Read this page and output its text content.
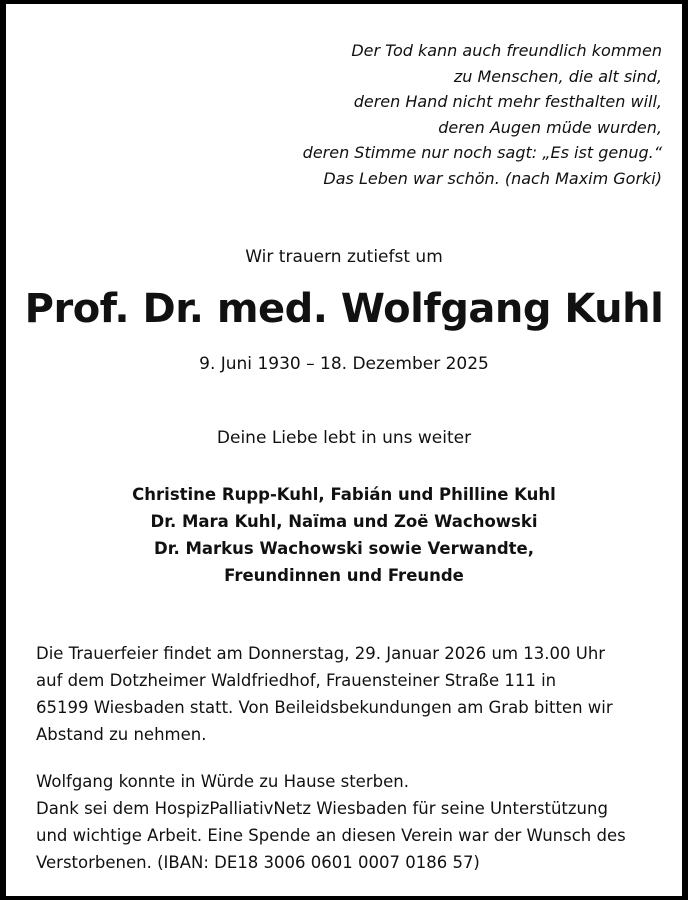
Der Tod kann auch freundlich kommen
zu Menschen, die alt sind,
deren Hand nicht mehr festhalten will,
deren Augen müde wurden,
deren Stimme nur noch sagt: „Es ist genug.“
Das Leben war schön. (nach Maxim Gorki)
Wir trauern zutiefst um
Prof. Dr. med. Wolfgang Kuhl
9. Juni 1930 – 18. Dezember 2025
Deine Liebe lebt in uns weiter
Christine Rupp-Kuhl, Fabián und Philline Kuhl
Dr. Mara Kuhl, Naïma und Zoë Wachowski
Dr. Markus Wachowski sowie Verwandte,
Freundinnen und Freunde
Die Trauerfeier findet am Donnerstag, 29. Januar 2026 um 13.00 Uhr
auf dem Dotzheimer Waldfriedhof, Frauensteiner Straße 111 in
65199 Wiesbaden statt. Von Beileidsbekundungen am Grab bitten wir
Abstand zu nehmen.
Wolfgang konnte in Würde zu Hause sterben.
Dank sei dem HospizPalliativNetz Wiesbaden für seine Unterstützung
und wichtige Arbeit. Eine Spende an diesen Verein war der Wunsch des
Verstorbenen. (IBAN: DE18 3006 0601 0007 0186 57)
